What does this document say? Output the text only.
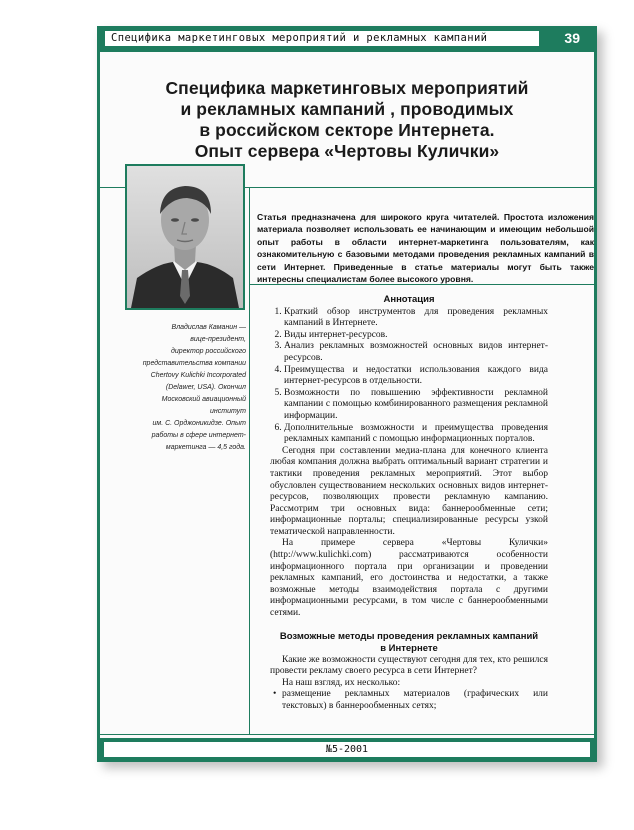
Специфика маркетинговых мероприятий и рекламных кампаний	39
Специфика маркетинговых мероприятий
и рекламных кампаний , проводимых
в российском секторе Интернета.
Опыт сервера «Чертовы Кулички»
Владислав Каманин —
вице-президент,
директор российского
представительства компании
Chertovy Kulichki Incorporated
(Delawer, USA). Окончил
Московский авиационный
институт
им. С. Орджоникидзе. Опыт
работы в сфере интернет-
маркетинга — 4,5 года.

Статья предназначена для широкого круга читателей. Простота изложения материала позволяет использовать ее начинающим и имеющим небольшой опыт работы в области интернет-маркетинга пользователям, как ознакомительную с базовыми методами проведения рекламных кампаний в сети Интернет. Приведенные в статье материалы могут быть также интересны специалистам более высокого уровня.

Аннотация
1. Краткий обзор инструментов для проведения рекламных кампаний в Интернете.
2. Виды интернет-ресурсов.
3. Анализ рекламных возможностей основных видов интернет-ресурсов.
4. Преимущества и недостатки использования каждого вида интернет-ресурсов в отдельности.
5. Возможности по повышению эффективности рекламной кампании с помощью комбинированного размещения рекламной информации.
6. Дополнительные возможности и преимущества проведения рекламных кампаний с помощью информационных порталов.

Сегодня при составлении медиа-плана для конечного клиента любая компания должна выбрать оптимальный вариант стратегии и тактики проведения рекламных мероприятий. Этот выбор обусловлен существованием нескольких основных видов интернет-ресурсов, позволяющих провести рекламную кампанию. Рассмотрим три основных вида: баннерообменные сети; информационные порталы; специализированные ресурсы узкой тематической направленности.

На примере сервера «Чертовы Кулички» (http://www.kulichki.com) рассматриваются особенности информационного портала при организации и проведении рекламных кампаний, его достоинства и недостатки, а также возможные методы взаимодействия портала с другими информационными ресурсами, в том числе с баннерообменными сетями.

Возможные методы проведения рекламных кампаний
в Интернете

Какие же возможности существуют сегодня для тех, кто решился провести рекламу своего ресурса в сети Интернет?

На наш взгляд, их несколько:

• размещение рекламных материалов (графических или текстовых) в баннерообменных сетях;
№5-2001
